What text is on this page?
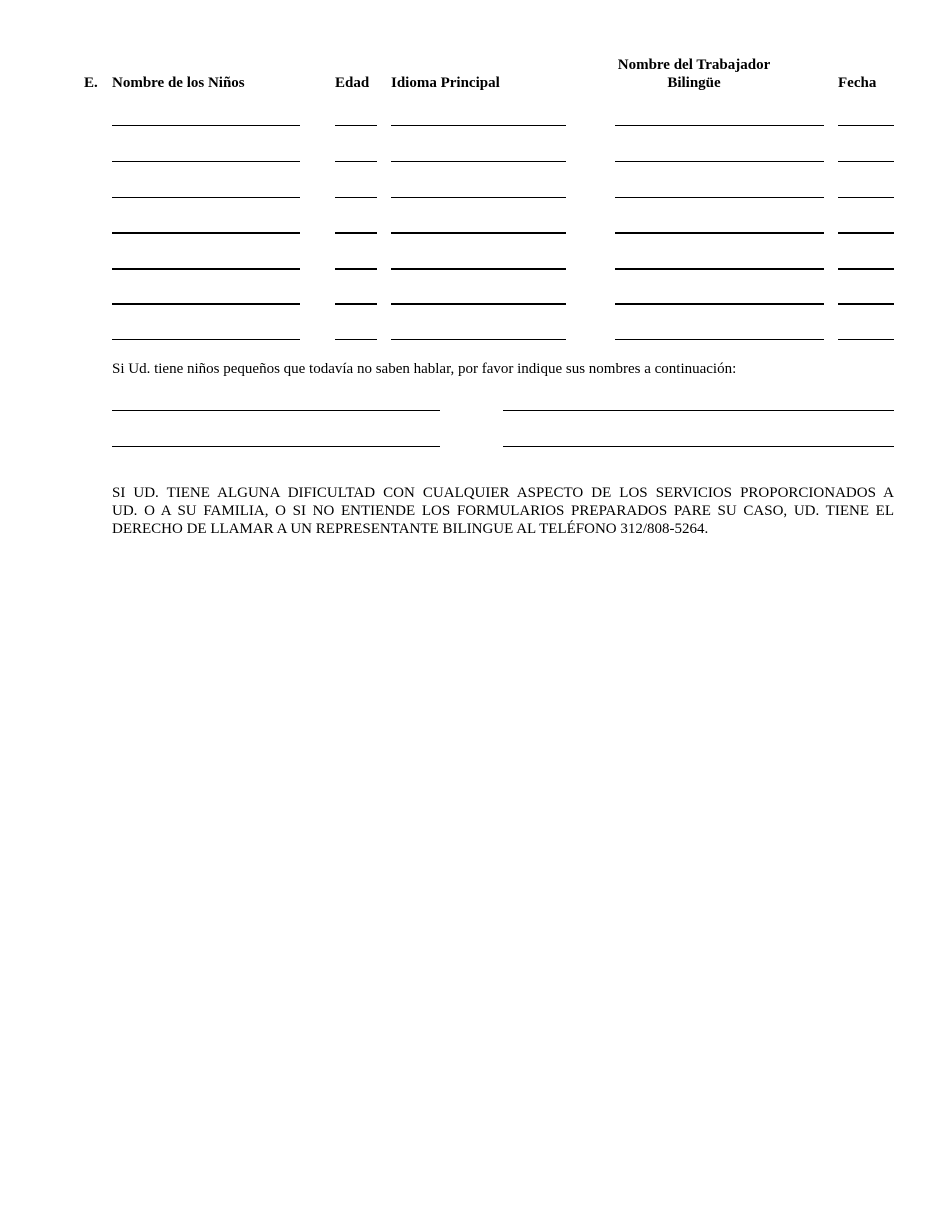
E. Nombre de los Niños	Edad Idioma Principal
Nombre del Trabajador
Bilingüe	Fecha
Si Ud. tiene niños pequeños que todavía no saben hablar, por favor indique sus nombres a continuación:
SI UD. TIENE ALGUNA DIFICULTAD CON CUALQUIER ASPECTO DE LOS SERVICIOS PROPORCIONADOS A
UD. O A SU FAMILIA, O SI NO ENTIENDE LOS FORMULARIOS PREPARADOS PARE SU CASO, UD. TIENE EL
DERECHO DE LLAMAR A UN REPRESENTANTE BILINGUE AL TELÉFONO 312/808-5264.
